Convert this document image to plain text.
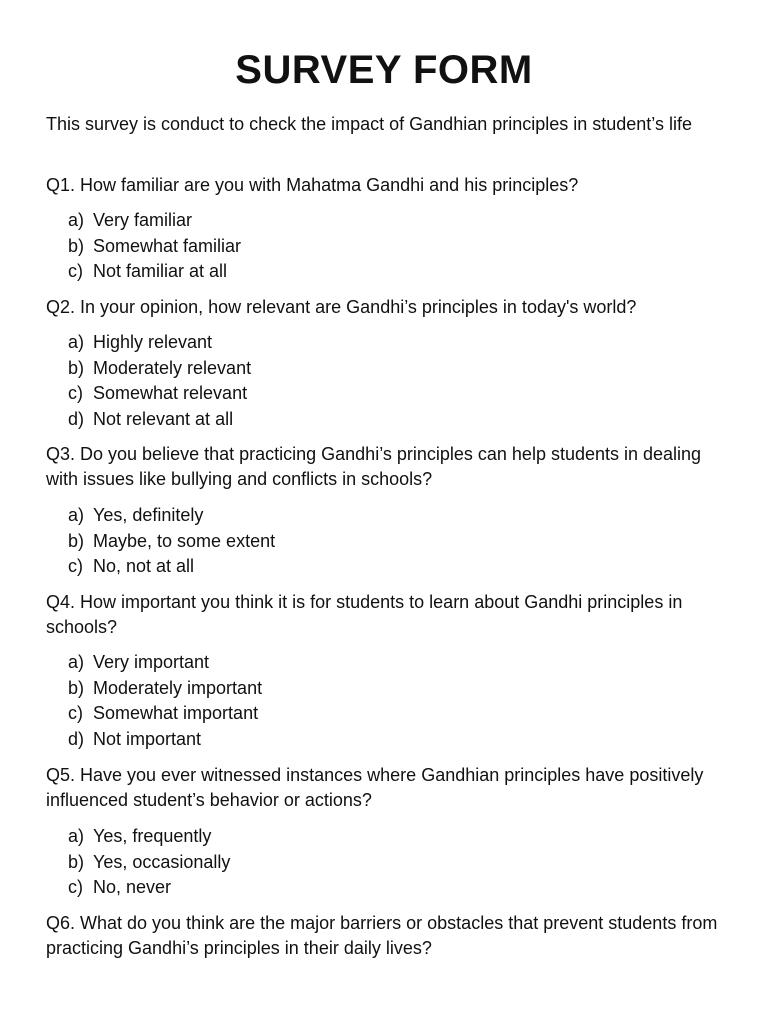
SURVEY FORM

This survey is conduct to check the impact of Gandhian principles in student’s life

Q1. How familiar are you with Mahatma Gandhi and his principles?

a) Very familiar
b) Somewhat familiar
c) Not familiar at all

Q2. In your opinion, how relevant are Gandhi’s principles in today's world?

a) Highly relevant
b) Moderately relevant
c) Somewhat relevant
d) Not relevant at all

Q3. Do you believe that practicing Gandhi’s principles can help students in dealing with issues like bullying and conflicts in schools?

a) Yes, definitely
b) Maybe, to some extent
c) No, not at all

Q4. How important you think it is for students to learn about Gandhi principles in schools?

a) Very important
b) Moderately important
c) Somewhat important
d) Not important

Q5. Have you ever witnessed instances where Gandhian principles have positively influenced student’s behavior or actions?

a) Yes, frequently
b) Yes, occasionally
c) No, never

Q6. What do you think are the major barriers or obstacles that prevent students from practicing Gandhi’s principles in their daily lives?
